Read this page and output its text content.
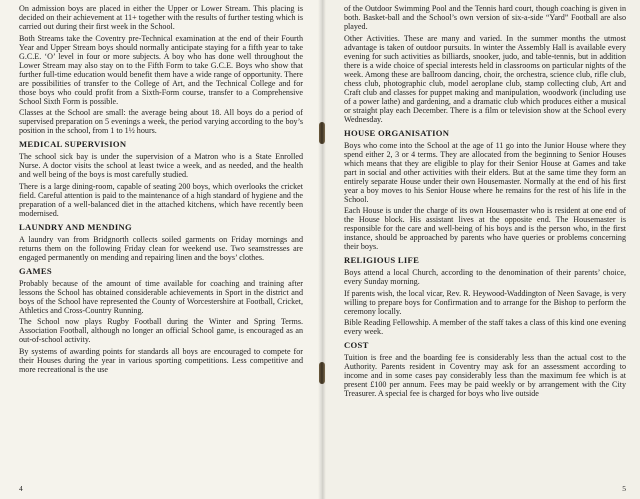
On admission boys are placed in either the Upper or Lower Stream. This placing is decided on their achievement at 11+ together with the results of further testing which is carried out during their first week in the School.

Both Streams take the Coventry pre-Technical examination at the end of their Fourth Year and Upper Stream boys should normally anticipate staying for a fifth year to take G.C.E. ‘O’ level in four or more subjects. A boy who has done well throughout the Lower Stream may also stay on to the Fifth Form to take G.C.E. Boys who show that further full-time education would benefit them have a wide range of opportunity. There are possibilities of transfer to the College of Art, and the Technical College and for those boys who could profit from a Sixth-Form course, transfer to a Comprehensive School Sixth Form is possible.

Classes at the School are small: the average being about 18. All boys do a period of supervised preparation on 5 evenings a week, the period varying according to the boy’s position in the school, from 1 to 1½ hours.

MEDICAL SUPERVISION

The school sick bay is under the supervision of a Matron who is a State Enrolled Nurse. A doctor visits the school at least twice a week, and as needed, and the health and well being of the boys is most carefully studied.

There is a large dining-room, capable of seating 200 boys, which overlooks the cricket field. Careful attention is paid to the maintenance of a high standard of hygiene and the preparation of a well-balanced diet in the attached kitchens, which have recently been modernised.

LAUNDRY AND MENDING

A laundry van from Bridgnorth collects soiled garments on Friday mornings and returns them on the following Friday clean for weekend use. Two seamstresses are engaged permanently on mending and repairing linen and the boys’ clothes.

GAMES

Probably because of the amount of time available for coaching and training after lessons the School has obtained considerable achievements in Sport in the district and boys of the School have represented the County of Worcestershire at Football, Cricket, Athletics and Cross-Country Running.

The School now plays Rugby Football during the Winter and Spring Terms. Association Football, although no longer an official School game, is encouraged as an out-of-school activity.

By systems of awarding points for standards all boys are encouraged to compete for their Houses during the year in various sporting competitions. Less competitive and more recreational is the use

4

of the Outdoor Swimming Pool and the Tennis hard court, though coaching is given in both. Basket-ball and the School’s own version of six-a-side “Yard” Football are also played.

Other Activities. These are many and varied. In the summer months the utmost advantage is taken of outdoor pursuits. In winter the Assembly Hall is available every evening for such activities as billiards, snooker, judo, and table-tennis, but in addition there is a wide choice of special interests held in classrooms on particular nights of the week. Among these are ballroom dancing, choir, the orchestra, science club, rifle club, chess club, photographic club, model aeroplane club, stamp collecting club, Art and Craft club and classes for puppet making and manipulation, woodwork (including use of a power lathe) and gardening, and a dramatic club which produces either a musical or straight play each December. There is a film or television show at the School every Wednesday.

HOUSE ORGANISATION

Boys who come into the School at the age of 11 go into the Junior House where they spend either 2, 3 or 4 terms. They are allocated from the beginning to Senior Houses which means that they are eligible to play for their Senior House at Games and take part in social and other activities with their elders. But at the same time they form an entirely separate House under their own Housemaster. Normally at the end of his first year a boy moves to his Senior House where he remains for the rest of his life in the School.

Each House is under the charge of its own Housemaster who is resident at one end of the House block. His assistant lives at the opposite end. The Housemaster is responsible for the care and well-being of his boys and is the person who, in the first instance, should be approached by parents who have queries or problems concerning their boys.

RELIGIOUS LIFE

Boys attend a local Church, according to the denomination of their parents’ choice, every Sunday morning.

If parents wish, the local vicar, Rev. R. Heywood-Waddington of Neen Savage, is very willing to prepare boys for Confirmation and to arrange for the Bishop to perform the ceremony locally.

Bible Reading Fellowship. A member of the staff takes a class of this kind one evening every week.

COST

Tuition is free and the boarding fee is considerably less than the actual cost to the Authority. Parents resident in Coventry may ask for an assessment according to income and in some cases pay considerably less than the maximum fee which is at present £100 per annum. Fees may be paid weekly or by arrangement with the City Treasurer. A special fee is charged for boys who live outside

5
